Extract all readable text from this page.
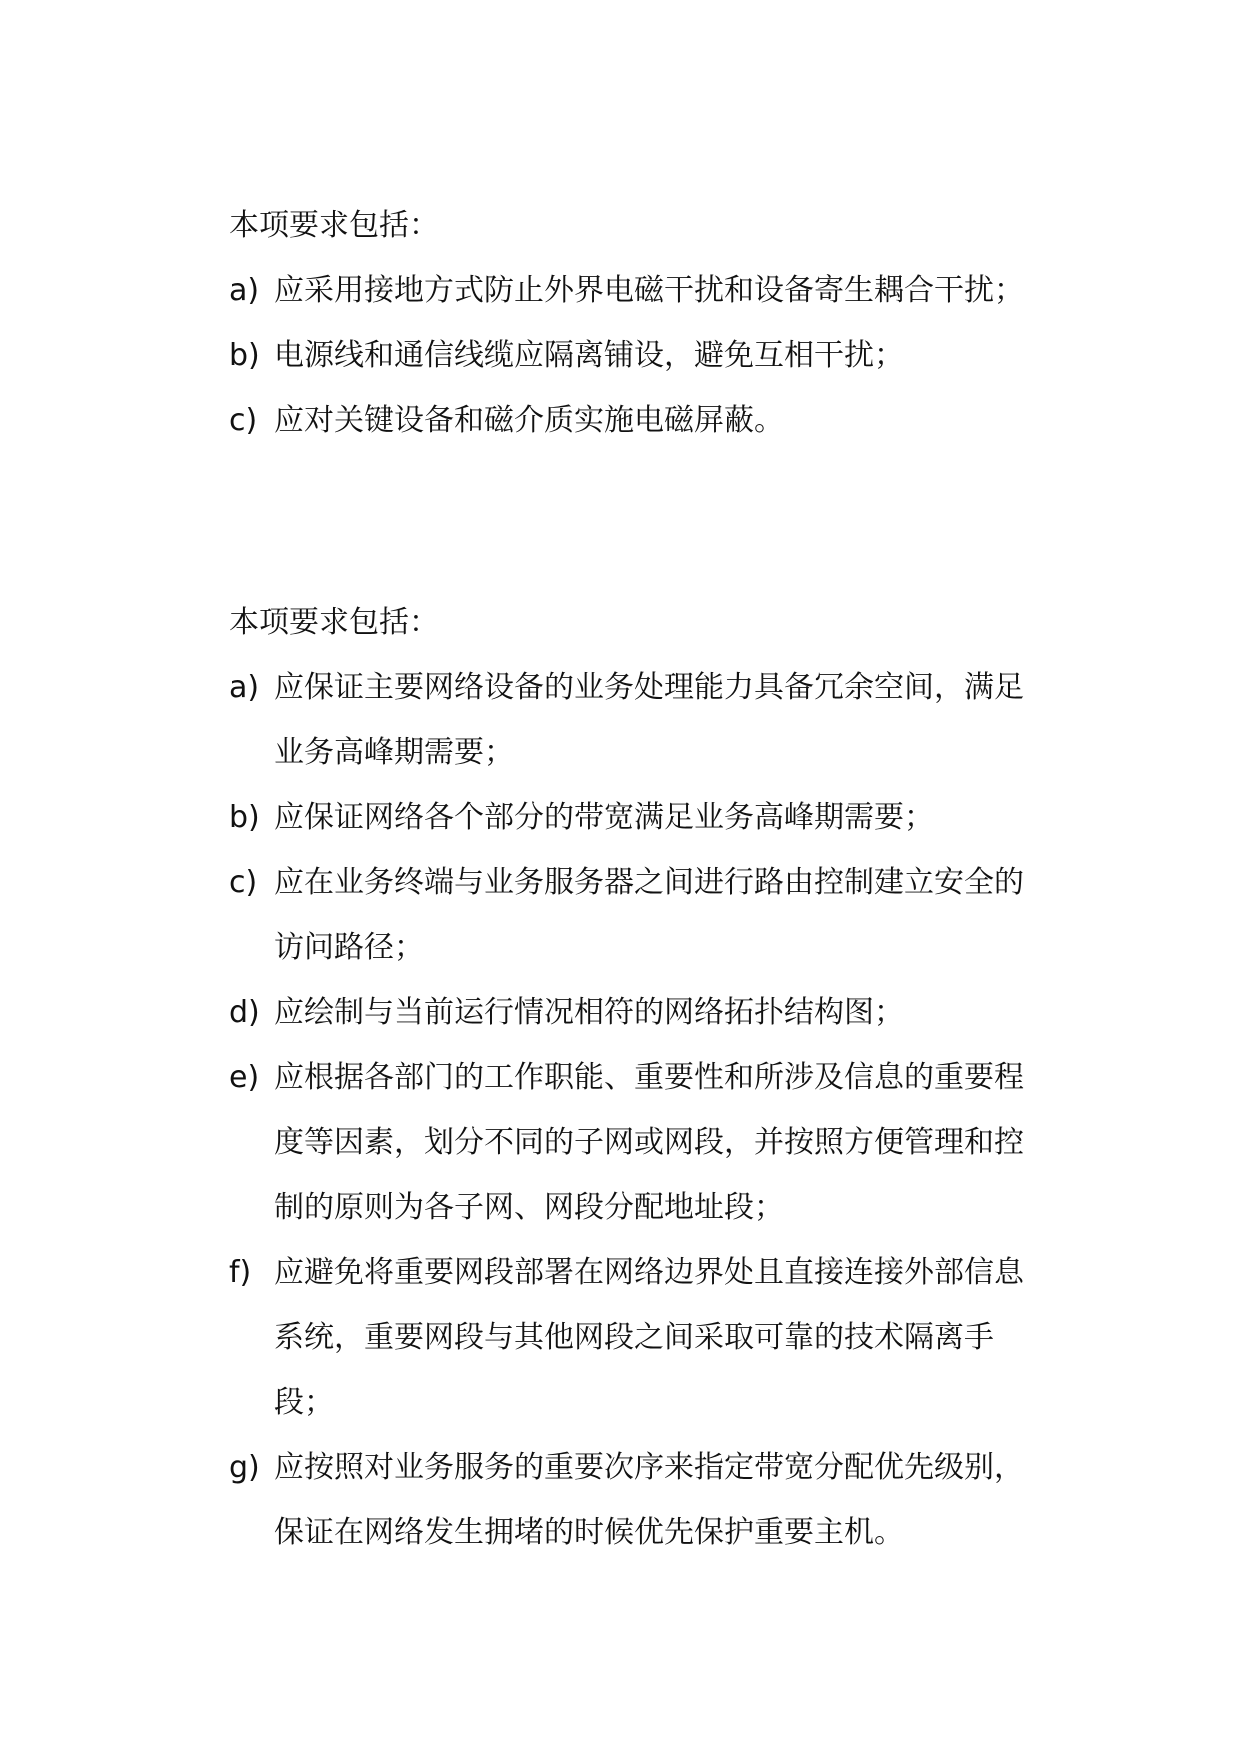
本项要求包括：
a) 应采用接地方式防止外界电磁干扰和设备寄生耦合干扰；
b) 电源线和通信线缆应隔离铺设，避免互相干扰；
c) 应对关键设备和磁介质实施电磁屏蔽。
本项要求包括：
a) 应保证主要网络设备的业务处理能力具备冗余空间，满足业务高峰期需要；
b) 应保证网络各个部分的带宽满足业务高峰期需要；
c) 应在业务终端与业务服务器之间进行路由控制建立安全的访问路径；
d) 应绘制与当前运行情况相符的网络拓扑结构图；
e) 应根据各部门的工作职能、重要性和所涉及信息的重要程度等因素，划分不同的子网或网段，并按照方便管理和控制的原则为各子网、网段分配地址段；
f) 应避免将重要网段部署在网络边界处且直接连接外部信息系统，重要网段与其他网段之间采取可靠的技术隔离手段；
g) 应按照对业务服务的重要次序来指定带宽分配优先级别，保证在网络发生拥堵的时候优先保护重要主机。
